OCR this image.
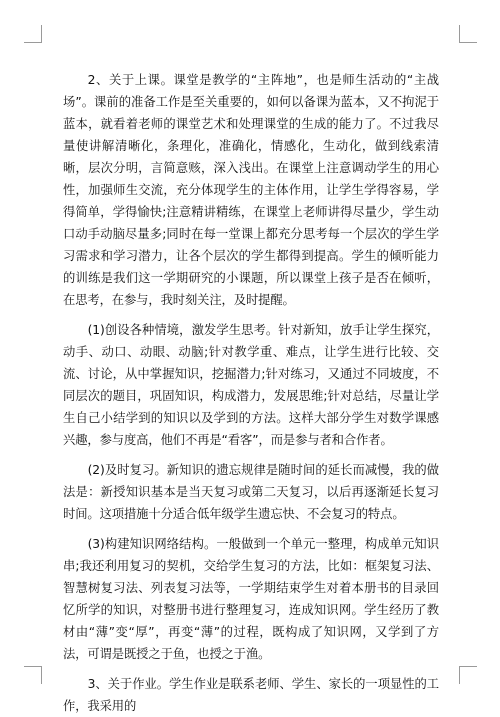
2、关于上课。课堂是教学的“主阵地”，也是师生活动的“主战场”。课前的准备工作是至关重要的，如何以备课为蓝本，又不拘泥于蓝本，就看着老师的课堂艺术和处理课堂的生成的能力了。不过我尽量使讲解清晰化，条理化，准确化，情感化，生动化，做到线索清晰，层次分明，言简意赅，深入浅出。在课堂上注意调动学生的用心性，加强师生交流，充分体现学生的主体作用，让学生学得容易，学得简单，学得愉快;注意精讲精练，在课堂上老师讲得尽量少，学生动口动手动脑尽量多;同时在每一堂课上都充分思考每一个层次的学生学习需求和学习潜力，让各个层次的学生都得到提高。学生的倾听能力的训练是我们这一学期研究的小课题，所以课堂上孩子是否在倾听，在思考，在参与，我时刻关注，及时提醒。

(1)创设各种情境，激发学生思考。针对新知，放手让学生探究，动手、动口、动眼、动脑;针对教学重、难点，让学生进行比较、交流、讨论，从中掌握知识，挖掘潜力;针对练习，又通过不同坡度，不同层次的题目，巩固知识，构成潜力，发展思维;针对总结，尽量让学生自己小结学到的知识以及学到的方法。这样大部分学生对数学课感兴趣，参与度高，他们不再是“看客”，而是参与者和合作者。

(2)及时复习。新知识的遗忘规律是随时间的延长而减慢，我的做法是：新授知识基本是当天复习或第二天复习，以后再逐渐延长复习时间。这项措施十分适合低年级学生遗忘快、不会复习的特点。

(3)构建知识网络结构。一般做到一个单元一整理，构成单元知识串;我还利用复习的契机，交给学生复习的方法，比如：框架复习法、智慧树复习法、列表复习法等，一学期结束学生对着本册书的目录回忆所学的知识，对整册书进行整理复习，连成知识网。学生经历了教材由“薄”变“厚”，再变“薄”的过程，既构成了知识网，又学到了方法，可谓是既授之于鱼，也授之于渔。

3、关于作业。学生作业是联系老师、学生、家长的一项显性的工作，我采用的
